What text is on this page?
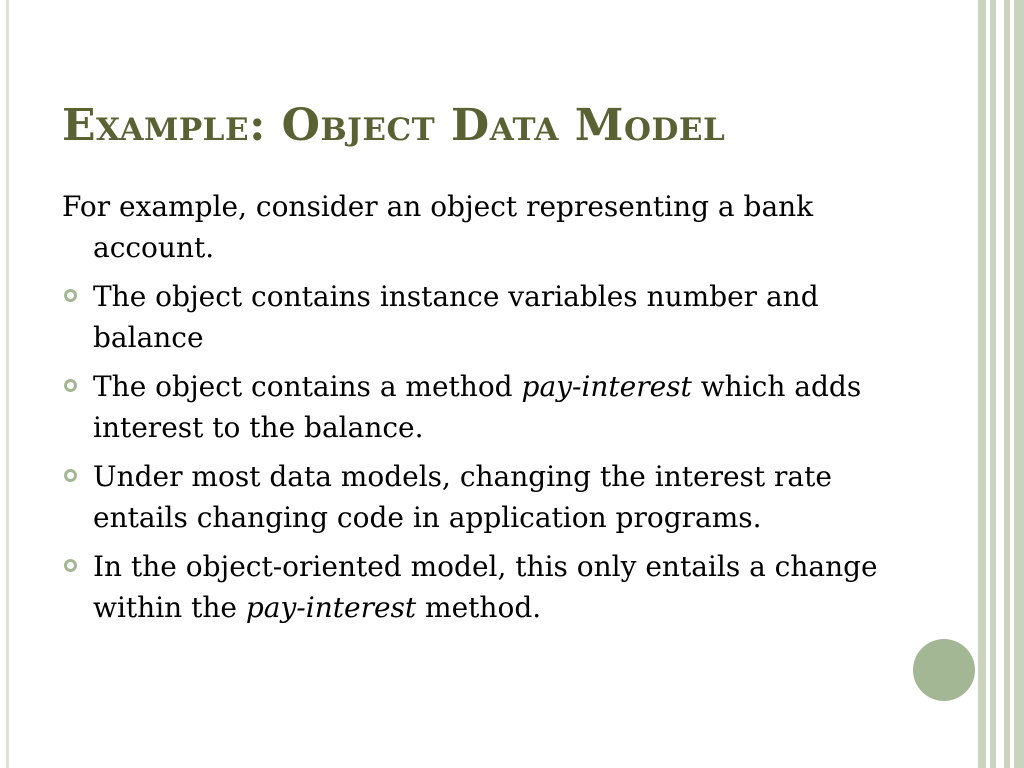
Example: Object Data Model

For example, consider an object representing a bank account.

The object contains instance variables number and balance
The object contains a method pay-interest which adds interest to the balance.
Under most data models, changing the interest rate entails changing code in application programs.
In the object-oriented model, this only entails a change within the pay-interest method.
